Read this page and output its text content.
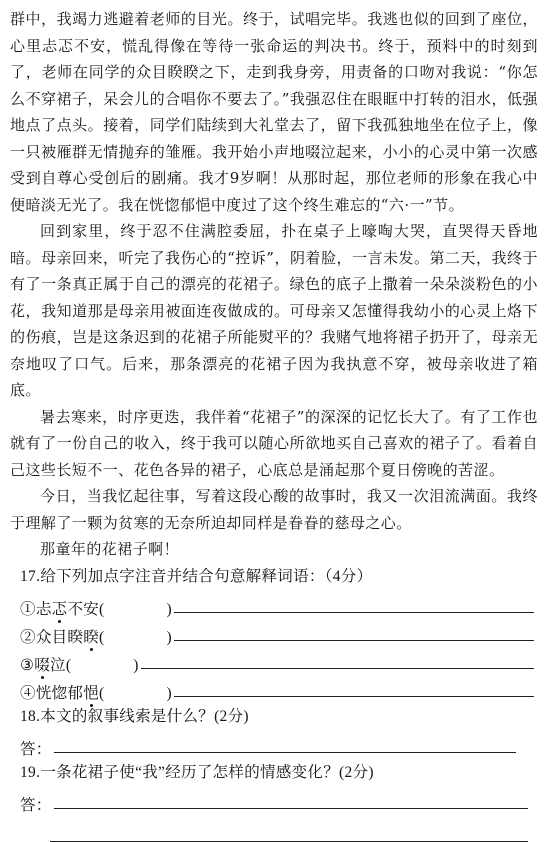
群中，我竭力逃避着老师的目光。终于，试唱完毕。我逃也似的回到了座位，心里忐忑不安，慌乱得像在等待一张命运的判决书。终于，预料中的时刻到了，老师在同学的众目睽睽之下，走到我身旁，用责备的口吻对我说：“你怎么不穿裙子，呆会儿的合唱你不要去了。”我强忍住在眼眶中打转的泪水，低强地点了点头。接着，同学们陆续到大礼堂去了，留下我孤独地坐在位子上，像一只被雁群无情抛弃的雏雁。我开始小声地啜泣起来，小小的心灵中第一次感受到自尊心受创后的剧痛。我才9岁啊！从那时起，那位老师的形象在我心中便暗淡无光了。我在恍惚郁悒中度过了这个终生难忘的“六·一”节。

回到家里，终于忍不住满腔委屈，扑在桌子上嚎啕大哭，直哭得天昏地暗。母亲回来，听完了我伤心的“控诉”，阴着脸，一言未发。第二天，我终于有了一条真正属于自己的漂亮的花裙子。绿色的底子上撒着一朵朵淡粉色的小花，我知道那是母亲用被面连夜做成的。可母亲又怎懂得我幼小的心灵上烙下的伤痕，岂是这条迟到的花裙子所能熨平的？我赌气地将裙子扔开了，母亲无奈地叹了口气。后来，那条漂亮的花裙子因为我执意不穿，被母亲收进了箱底。

暑去寒来，时序更迭，我伴着“花裙子”的深深的记忆长大了。有了工作也就有了一份自己的收入，终于我可以随心所欲地买自己喜欢的裙子了。看着自己这些长短不一、花色各异的裙子，心底总是涌起那个夏日傍晚的苦涩。

今日，当我忆起往事，写着这段心酸的故事时，我又一次泪流满面。我终于理解了一颗为贫寒的无奈所迫却同样是眷眷的慈母之心。

那童年的花裙子啊！

17.给下列加点字注音并结合句意解释词语：（4分）

①忐忑不安(	)
②众目睽睽(	)
③啜泣(	)
④恍惚郁悒(	)

18.本文的叙事线索是什么？(2分)

答：

19.一条花裙子使“我”经历了怎样的情感变化？(2分)

答：
